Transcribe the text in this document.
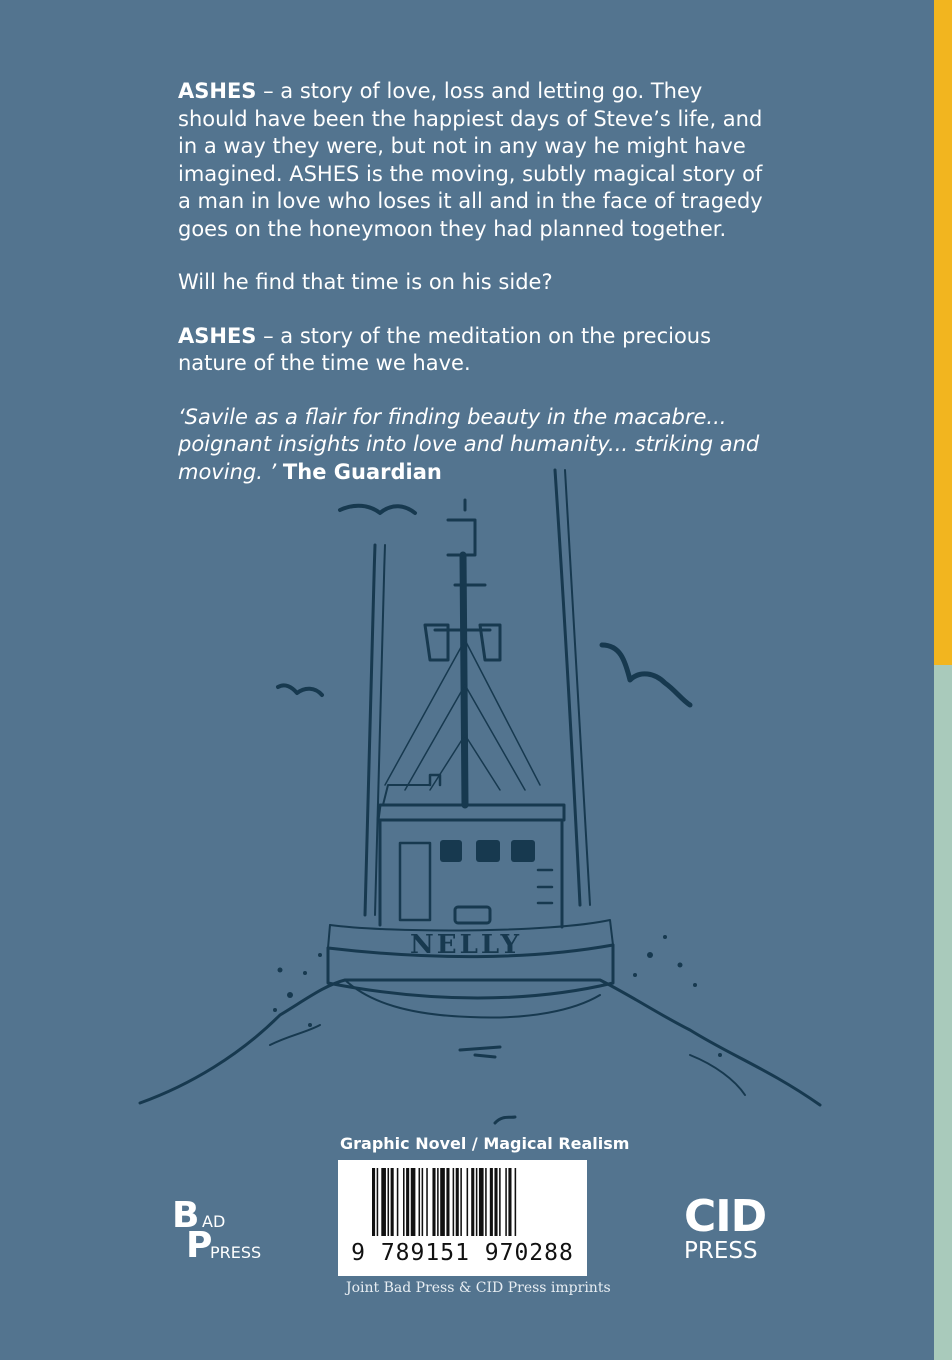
ASHES – a story of love, loss and letting go. They should have been the happiest days of Steve’s life, and in a way they were, but not in any way he might have imagined. ASHES is the moving, subtly magical story of a man in love who loses it all and in the face of tragedy goes on the honeymoon they had planned together.

Will he find that time is on his side?

ASHES – a story of the meditation on the precious nature of the time we have.

‘Savile as a flair for finding beauty in the macabre... poignant insights into love and humanity... striking and moving. ’ The Guardian

NELLY
Graphic Novel / Magical Realism
9 789151 970288
Joint Bad Press & CID Press imprints
B AD
P
PRESS
CID
PRESS
